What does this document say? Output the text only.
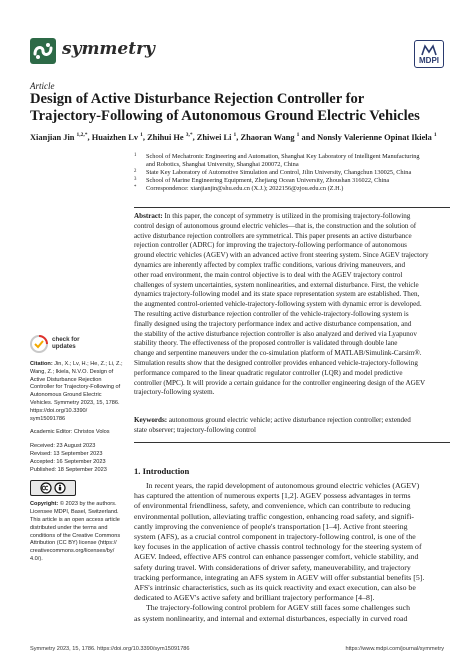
symmetry
MDPI
Article
Design of Active Disturbance Rejection Controller for
Trajectory-Following of Autonomous Ground Electric Vehicles
Xianjian Jin $^{1,2,*}$, Huaizhen Lv $^1$, Zhihui He $^{3,*}$, Zhiwei Li $^1$, Zhaoran Wang $^1$ and Nonsly Valerienne Opinat Ikiela $^1$
1 School of Mechatronic Engineering and Automation, Shanghai Key Laboratory of Intelligent Manufacturing
and Robotics, Shanghai University, Shanghai 200072, China
2 State Key Laboratory of Automotive Simulation and Control, Jilin University, Changchun 130025, China
3 School of Marine Engineering Equipment, Zhejiang Ocean University, Zhoushan 316022, China
* Correspondence: xianjianjin@shu.edu.cn (X.J.); 2022156@zjou.edu.cn (Z.H.)
Abstract: In this paper, the concept of symmetry is utilized in the promising trajectory-following
control design of autonomous ground electric vehicles—that is, the construction and the solution of
active disturbance rejection controllers are symmetrical. This paper presents an active disturbance
rejection controller (ADRC) for improving the trajectory-following performance of autonomous
ground electric vehicles (AGEV) with an advanced active front steering system. Since AGEV trajectory
dynamics are inherently affected by complex traffic conditions, various driving maneuvers, and
other road environment, the main control objective is to deal with the AGEV trajectory control
challenges of system uncertainties, system nonlinearities, and external disturbance. First, the vehicle
dynamics trajectory-following model and its state space representation system are established. Then,
the augmented control-oriented vehicle-trajectory-following system with dynamic error is developed.
The resulting active disturbance rejection controller of the vehicle-trajectory-following system is
finally designed using the trajectory performance index and active disturbance compensation, and
the stability of the active disturbance rejection controller is also analyzed and derived via Lyapunov
stability theory. The effectiveness of the proposed controller is validated through double lane
change and serpentine maneuvers under the co-simulation platform of MATLAB/Simulink-Carsim®.
Simulation results show that the designed controller provides enhanced vehicle-trajectory-following
performance compared to the linear quadratic regulator controller (LQR) and model predictive
controller (MPC). It will provide a certain guidance for the controller engineering design of the AGEV
trajectory-following system.
Keywords: autonomous ground electric vehicle; active disturbance rejection controller; extended
state observer; trajectory-following control
check for
updates
Citation: Jin, X.; Lv, H.; He, Z.; Li, Z.;
Wang, Z.; Ikiela, N.V.O. Design of
Active Disturbance Rejection
Controller for Trajectory-Following of
Autonomous Ground Electric
Vehicles. Symmetry 2023, 15, 1786.
https://doi.org/10.3390/
sym15091786
Academic Editor: Christos Volos
Received: 23 August 2023
Revised: 13 September 2023
Accepted: 16 September 2023
Published: 18 September 2023
Copyright: © 2023 by the authors.
Licensee MDPI, Basel, Switzerland.
This article is an open access article
distributed under the terms and
conditions of the Creative Commons
Attribution (CC BY) license (https://
creativecommons.org/licenses/by/
4.0/).
1. Introduction
In recent years, the rapid development of autonomous ground electric vehicles (AGEV)
has captured the attention of numerous experts [1,2]. AGEV possess advantages in terms
of environmental friendliness, safety, and convenience, which can contribute to reducing
environmental pollution, alleviating traffic congestion, enhancing road safety, and signifi-
cantly improving the convenience of people's transportation [1–4]. Active front steering
system (AFS), as a crucial control component in trajectory-following control, is one of the
key focuses in the application of active chassis control technology for the steering system of
AGEV. Indeed, effective AFS control can enhance passenger comfort, vehicle stability, and
safety during travel. With considerations of driver safety, maneuverability, and trajectory
tracking performance, integrating an AFS system in AGEV will offer substantial benefits [5].
AFS's intrinsic characteristics, such as its quick reactivity and exact execution, can also be
dedicated to AGEV's active safety and brilliant trajectory performance [4–8].
The trajectory-following control problem for AGEV still faces some challenges such
as system nonlinearity, and internal and external disturbances, especially in curved road
Symmetry 2023, 15, 1786. https://doi.org/10.3390/sym15091786	https://www.mdpi.com/journal/symmetry
